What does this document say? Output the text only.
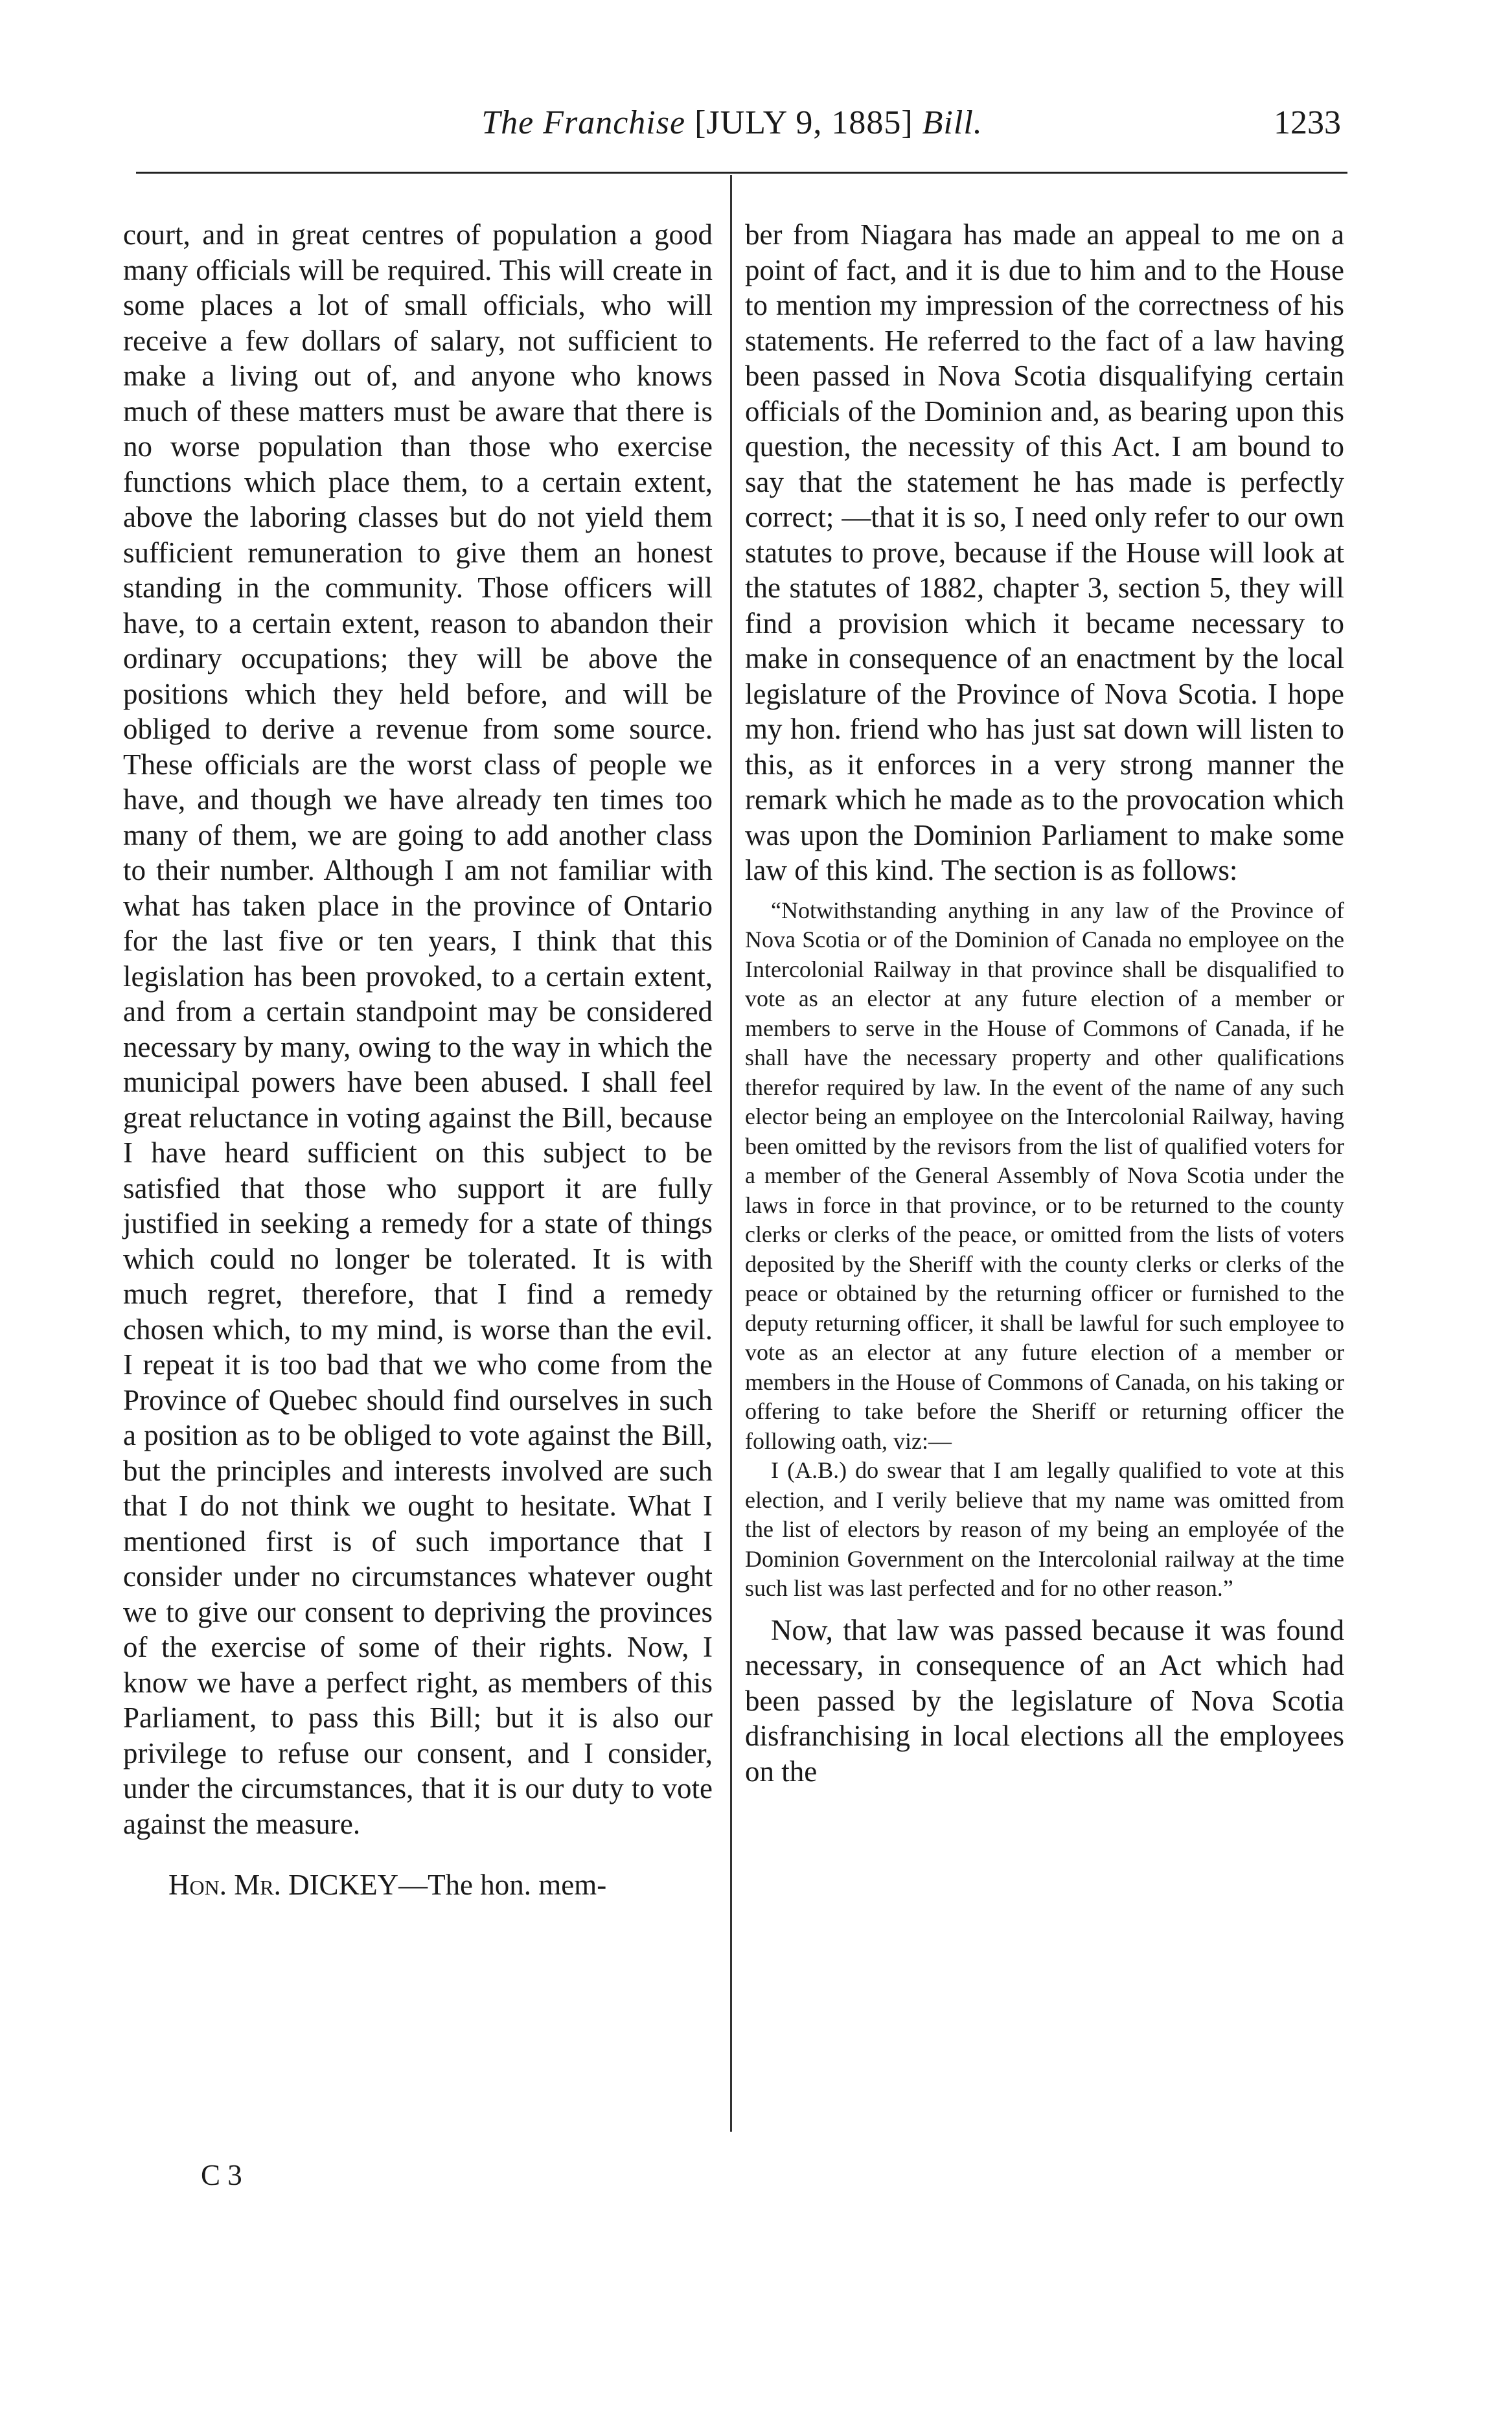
The Franchise [JULY 9, 1885] Bill.	1233

court, and in great centres of population a good many officials will be required. This will create in some places a lot of small officials, who will receive a few dollars of salary, not sufficient to make a living out of, and anyone who knows much of these matters must be aware that there is no worse population than those who exercise functions which place them, to a certain extent, above the laboring classes but do not yield them sufficient remuneration to give them an honest standing in the community. Those officers will have, to a certain extent, reason to abandon their ordinary occupations; they will be above the positions which they held before, and will be obliged to derive a revenue from some source. These officials are the worst class of people we have, and though we have already ten times too many of them, we are going to add another class to their number. Although I am not familiar with what has taken place in the province of Ontario for the last five or ten years, I think that this legislation has been provoked, to a certain extent, and from a certain standpoint may be considered necessary by many, owing to the way in which the municipal powers have been abused. I shall feel great reluctance in voting against the Bill, because I have heard sufficient on this subject to be satisfied that those who support it are fully justified in seeking a remedy for a state of things which could no longer be tolerated. It is with much regret, therefore, that I find a remedy chosen which, to my mind, is worse than the evil. I repeat it is too bad that we who come from the Province of Quebec should find ourselves in such a position as to be obliged to vote against the Bill, but the principles and interests involved are such that I do not think we ought to hesitate. What I mentioned first is of such importance that I consider under no circumstances whatever ought we to give our consent to depriving the provinces of the exercise of some of their rights. Now, I know we have a perfect right, as members of this Parliament, to pass this Bill; but it is also our privilege to refuse our consent, and I consider, under the circumstances, that it is our duty to vote against the measure.

Hon. Mr. DICKEY—The hon. mem-

ber from Niagara has made an appeal to me on a point of fact, and it is due to him and to the House to mention my impression of the correctness of his statements. He referred to the fact of a law having been passed in Nova Scotia disqualifying certain officials of the Dominion and, as bearing upon this question, the necessity of this Act. I am bound to say that the statement he has made is perfectly correct; —that it is so, I need only refer to our own statutes to prove, because if the House will look at the statutes of 1882, chapter 3, section 5, they will find a provision which it became necessary to make in consequence of an enactment by the local legislature of the Province of Nova Scotia. I hope my hon. friend who has just sat down will listen to this, as it enforces in a very strong manner the remark which he made as to the provocation which was upon the Dominion Parliament to make some law of this kind. The section is as follows:

“Notwithstanding anything in any law of the Province of Nova Scotia or of the Dominion of Canada no employee on the Intercolonial Railway in that province shall be disqualified to vote as an elector at any future election of a member or members to serve in the House of Commons of Canada, if he shall have the necessary property and other qualifications therefor required by law. In the event of the name of any such elector being an employee on the Intercolonial Railway, having been omitted by the revisors from the list of qualified voters for a member of the General Assembly of Nova Scotia under the laws in force in that province, or to be returned to the county clerks or clerks of the peace, or omitted from the lists of voters deposited by the Sheriff with the county clerks or clerks of the peace or obtained by the returning officer or furnished to the deputy returning officer, it shall be lawful for such employee to vote as an elector at any future election of a member or members in the House of Commons of Canada, on his taking or offering to take before the Sheriff or returning officer the following oath, viz:—

I (A.B.) do swear that I am legally qualified to vote at this election, and I verily believe that my name was omitted from the list of electors by reason of my being an employée of the Dominion Government on the Intercolonial railway at the time such list was last perfected and for no other reason.”

Now, that law was passed because it was found necessary, in consequence of an Act which had been passed by the legislature of Nova Scotia disfranchising in local elections all the employees on the

C 3
